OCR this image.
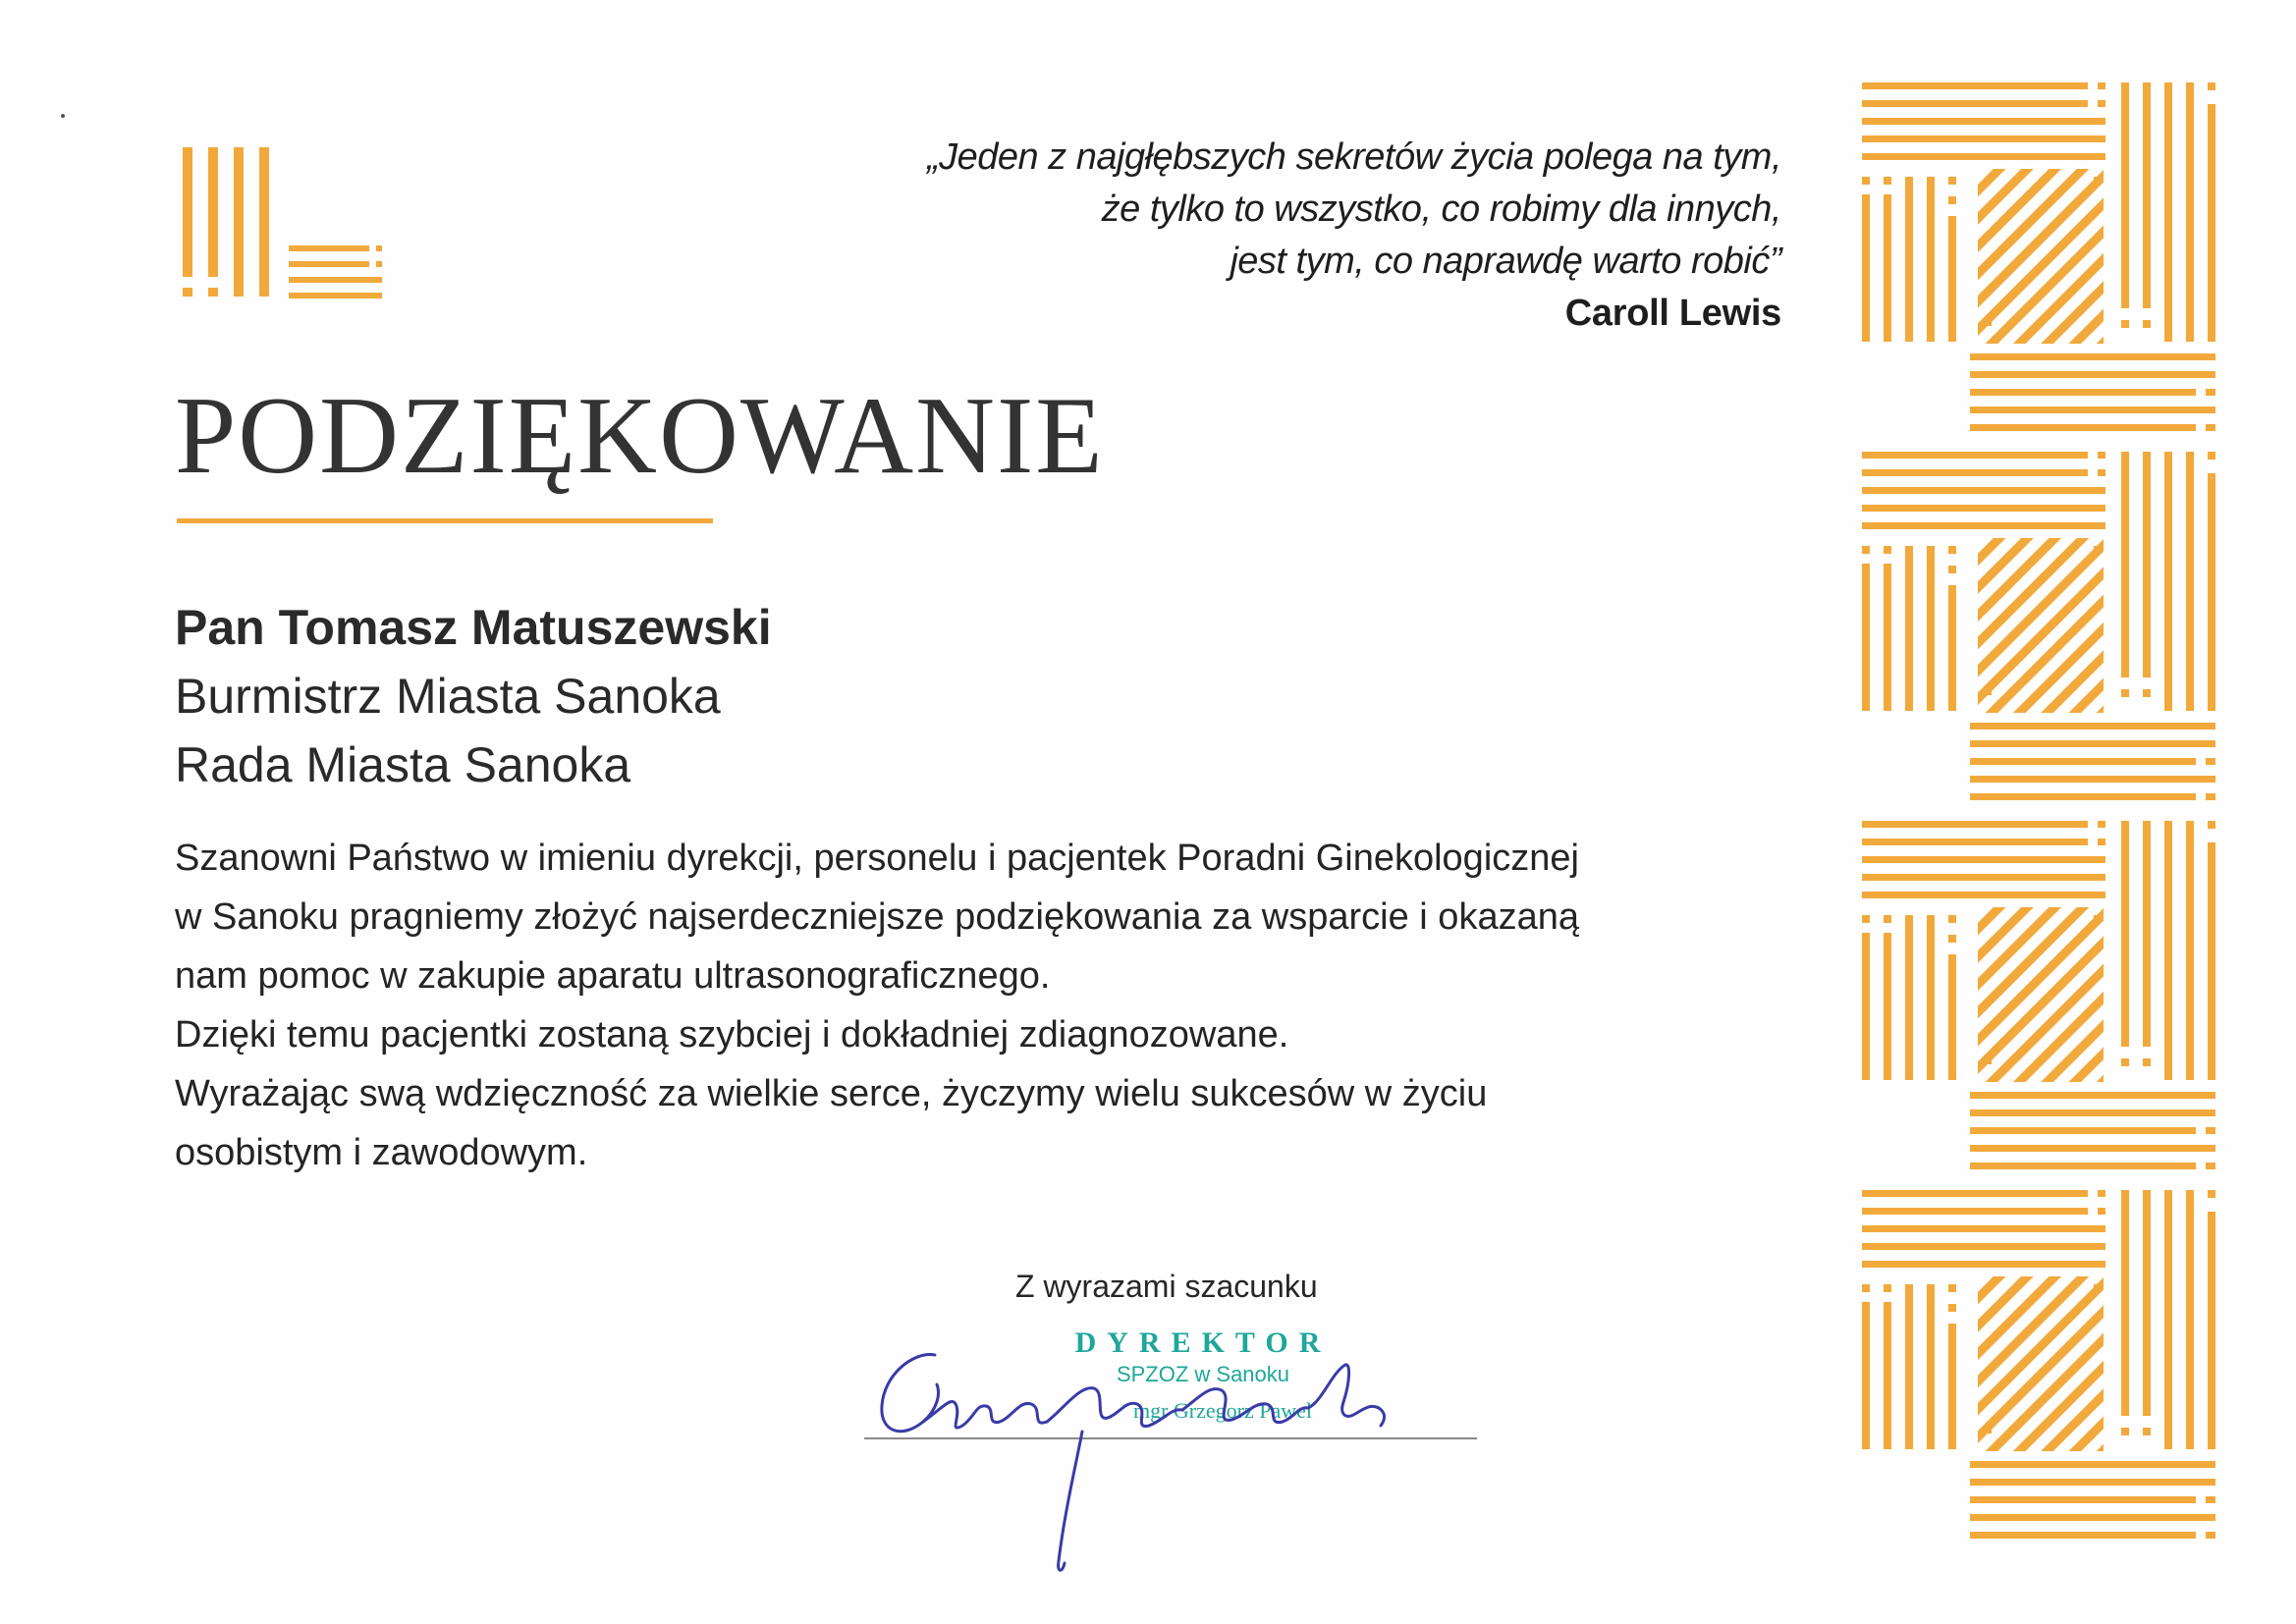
„Jeden z najgłębszych sekretów życia polega na tym,
że tylko to wszystko, co robimy dla innych,
jest tym, co naprawdę warto robić”
Caroll Lewis
PODZIĘKOWANIE
Pan Tomasz Matuszewski
Burmistrz Miasta Sanoka
Rada Miasta Sanoka
Szanowni Państwo w imieniu dyrekcji, personelu i pacjentek Poradni Ginekologicznej
w Sanoku pragniemy złożyć najserdeczniejsze podziękowania za wsparcie i okazaną
nam pomoc w zakupie aparatu ultrasonograficznego.
Dzięki temu pacjentki zostaną szybciej i dokładniej zdiagnozowane.
Wyrażając swą wdzięczność za wielkie serce, życzymy wielu sukcesów w życiu
osobistym i zawodowym.
Z wyrazami szacunku
DYREKTOR
SPZOZ w Sanoku
mgr Grzegorz Pawel
